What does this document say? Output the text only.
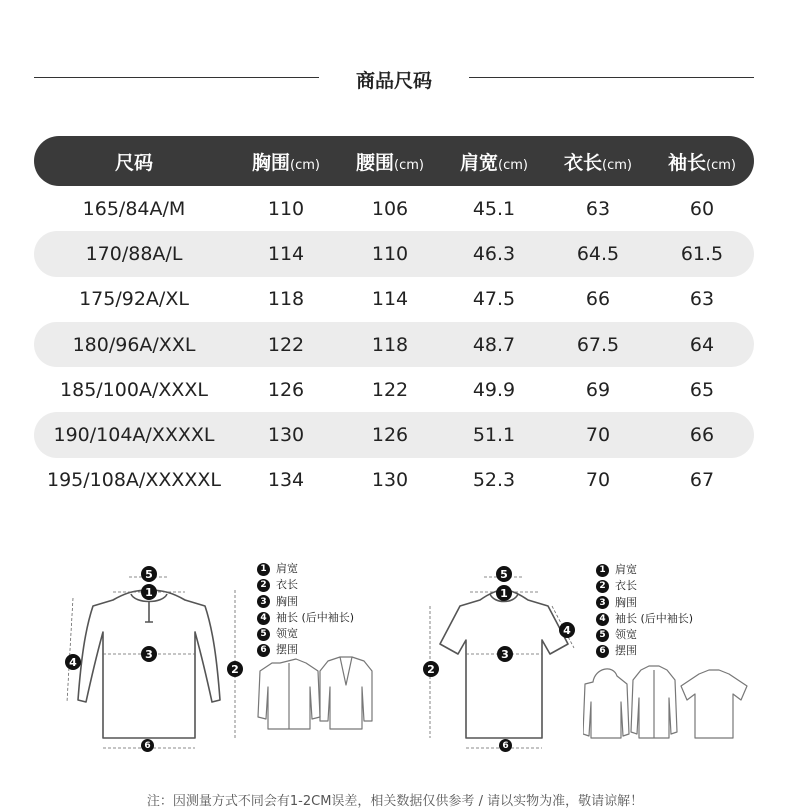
商品尺码
尺码	胸围(cm)	腰围(cm)	肩宽(cm)	衣长(cm)	袖长(cm)
165/84A/M	110	106	45.1	63	60
170/88A/L	114	110	46.3	64.5	61.5
175/92A/XL	118	114	47.5	66	63
180/96A/XXL	122	118	48.7	67.5	64
185/100A/XXXL	126	122	49.9	69	65
190/104A/XXXXL	130	126	51.1	70	66
195/108A/XXXXXL	134	130	52.3	70	67
5
1
3
2
4
6
1 肩宽
2 衣长
3 胸围
4 袖长 (后中袖长)
5 领宽
6 摆围
5
1
3
2
4
6
1 肩宽
2 衣长
3 胸围
4 袖长 (后中袖长)
5 领宽
6 摆围
注：因测量方式不同会有1-2CM误差，相关数据仅供参考 / 请以实物为准，敬请谅解！
